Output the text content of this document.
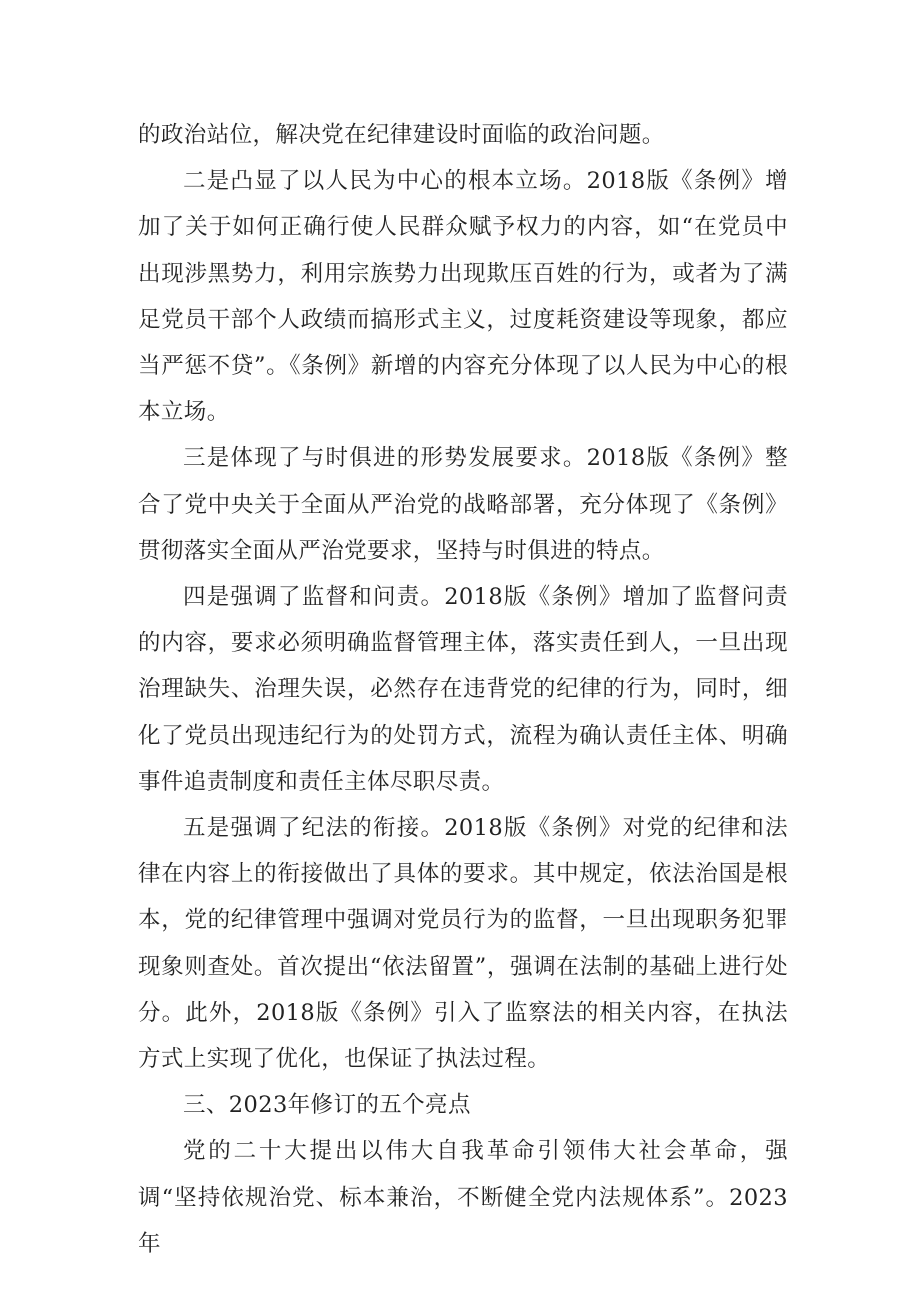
的政治站位，解决党在纪律建设时面临的政治问题。

二是凸显了以人民为中心的根本立场。2018版《条例》增加了关于如何正确行使人民群众赋予权力的内容，如“在党员中出现涉黑势力，利用宗族势力出现欺压百姓的行为，或者为了满足党员干部个人政绩而搞形式主义，过度耗资建设等现象，都应当严惩不贷”。《条例》新增的内容充分体现了以人民为中心的根本立场。

三是体现了与时俱进的形势发展要求。2018版《条例》整合了党中央关于全面从严治党的战略部署，充分体现了《条例》贯彻落实全面从严治党要求，坚持与时俱进的特点。

四是强调了监督和问责。2018版《条例》增加了监督问责的内容，要求必须明确监督管理主体，落实责任到人，一旦出现治理缺失、治理失误，必然存在违背党的纪律的行为，同时，细化了党员出现违纪行为的处罚方式，流程为确认责任主体、明确事件追责制度和责任主体尽职尽责。

五是强调了纪法的衔接。2018版《条例》对党的纪律和法律在内容上的衔接做出了具体的要求。其中规定，依法治国是根本，党的纪律管理中强调对党员行为的监督，一旦出现职务犯罪现象则查处。首次提出“依法留置”，强调在法制的基础上进行处分。此外，2018版《条例》引入了监察法的相关内容，在执法方式上实现了优化，也保证了执法过程。

三、2023年修订的五个亮点

党的二十大提出以伟大自我革命引领伟大社会革命，强调“坚持依规治党、标本兼治，不断健全党内法规体系”。2023年
